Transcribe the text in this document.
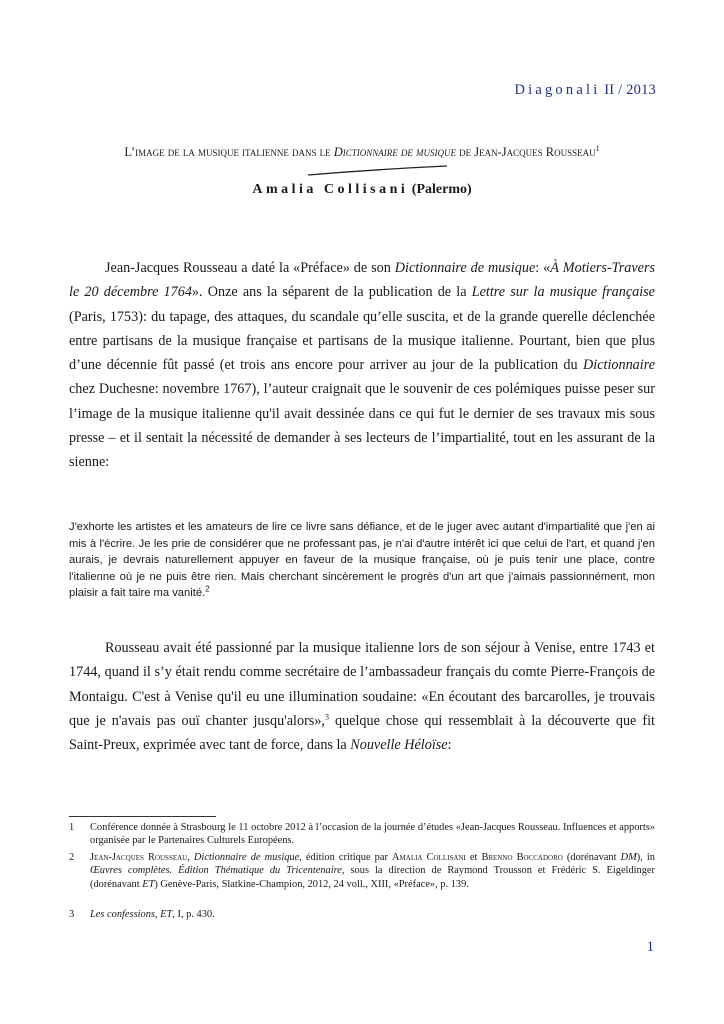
Diagonali II / 2013
L’image de la musique italienne dans le Dictionnaire de musique de Jean-Jacques Rousseau$^1$
Amalia Collisani (Palermo)
Jean-Jacques Rousseau a daté la «Préface» de son Dictionnaire de musique: «À Motiers-Travers le 20 décembre 1764». Onze ans la séparent de la publication de la Lettre sur la musique française (Paris, 1753): du tapage, des attaques, du scandale qu’elle suscita, et de la grande querelle déclenchée entre partisans de la musique française et partisans de la musique italienne. Pourtant, bien que plus d’une décennie fût passé (et trois ans encore pour arriver au jour de la publication du Dictionnaire chez Duchesne: novembre 1767), l’auteur craignait que le souvenir de ces polémiques puisse peser sur l’image de la musique italienne qu'il avait dessinée dans ce qui fut le dernier de ses travaux mis sous presse – et il sentait la nécessité de demander à ses lecteurs de l’impartialité, tout en les assurant de la sienne:
J'exhorte les artistes et les amateurs de lire ce livre sans défiance, et de le juger avec autant d'impartialité que j'en ai mis à l'écrire. Je les prie de considérer que ne professant pas, je n'ai d'autre intérêt ici que celui de l'art, et quand j'en aurais, je devrais naturellement appuyer en faveur de la musique française, où je puis tenir une place, contre l'italienne où je ne puis être rien. Mais cherchant sincèrement le progrès d'un art que j'aimais passionnément, mon plaisir a fait taire ma vanité.$^2$
Rousseau avait été passionné par la musique italienne lors de son séjour à Venise, entre 1743 et 1744, quand il s’y était rendu comme secrétaire de l’ambassadeur français du comte Pierre-François de Montaigu. C'est à Venise qu'il eu une illumination soudaine: «En écoutant des barcarolles, je trouvais que je n'avais pas ouï chanter jusqu'alors»,$^3$ quelque chose qui ressemblait à la découverte que fit Saint-Preux, exprimée avec tant de force, dans la Nouvelle Héloïse:
1 Conférence donnée à Strasbourg le 11 octobre 2012 à l’occasion de la journée d’études «Jean-Jacques Rousseau. Influences et apports» organisée par le Partenaires Culturels Européens.
2 Jean-Jacques Rousseau, Dictionnaire de musique, édition critique par Amalia Collisani et Brenno Boccadoro (dorénavant DM), in Œuvres complètes. Édition Thématique du Tricentenaire, sous la direction de Raymond Trousson et Frédéric S. Eigeldinger (dorénavant ET) Genève-Paris, Slatkine-Champion, 2012, 24 voll., XIII, «Préface», p. 139.
3 Les confessions, ET, I, p. 430.
1
